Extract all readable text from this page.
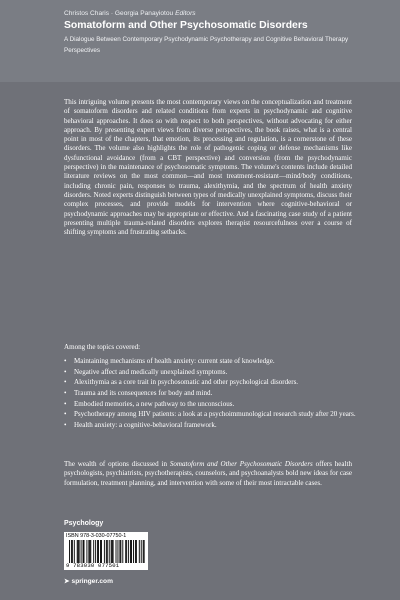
Christos Charis · Georgia Panayiotou Editors
Somatoform and Other Psychosomatic Disorders
A Dialogue Between Contemporary Psychodynamic Psychotherapy and Cognitive Behavioral Therapy Perspectives

This intriguing volume presents the most contemporary views on the conceptualization and treatment of somatoform disorders and related conditions from experts in psychodynamic and cognitive behavioral approaches. It does so with respect to both perspectives, without advocating for either approach. By presenting expert views from diverse perspectives, the book raises, what is a central point in most of the chapters, that emotion, its processing and regulation, is a cornerstone of these disorders. The volume also highlights the role of pathogenic coping or defense mechanisms like dysfunctional avoidance (from a CBT perspective) and conversion (from the psychodynamic perspective) in the maintenance of psychosomatic symptoms. The volume's contents include detailed literature reviews on the most common—and most treatment-resistant—mind/body conditions, including chronic pain, responses to trauma, alexithymia, and the spectrum of health anxiety disorders. Noted experts distinguish between types of medically unexplained symptoms, discuss their complex processes, and provide models for intervention where cognitive-behavioral or psychodynamic approaches may be appropriate or effective. And a fascinating case study of a patient presenting multiple trauma-related disorders explores therapist resourcefulness over a course of shifting symptoms and frustrating setbacks.

Among the topics covered:
• Maintaining mechanisms of health anxiety: current state of knowledge.
• Negative affect and medically unexplained symptoms.
• Alexithymia as a core trait in psychosomatic and other psychological disorders.
• Trauma and its consequences for body and mind.
• Embodied memories, a new pathway to the unconscious.
• Psychotherapy among HIV patients: a look at a psychoimmunological research study after 20 years.
• Health anxiety: a cognitive-behavioral framework.

The wealth of options discussed in Somatoform and Other Psychosomatic Disorders offers health psychologists, psychiatrists, psychotherapists, counselors, and psychoanalysts bold new ideas for case formulation, treatment planning, and intervention with some of their most intractable cases.

Psychology
ISBN 978-3-030-07750-1
9 783030 077501
➤ springer.com
